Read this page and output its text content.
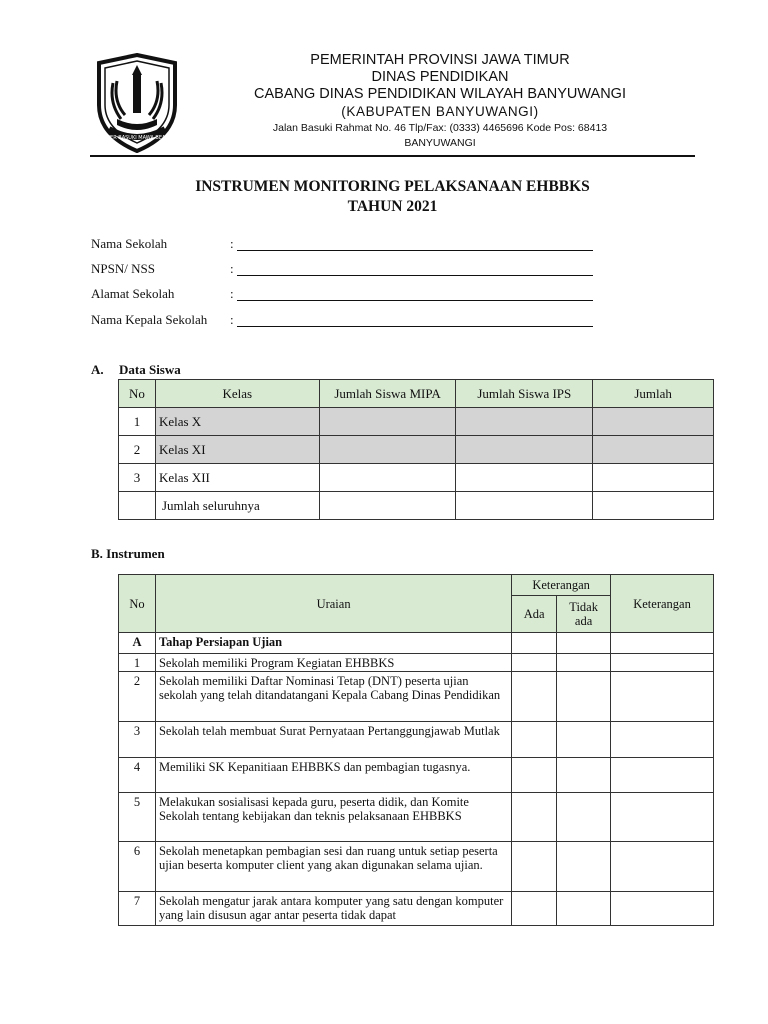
JER BASUKI MAWA BEA
PEMERINTAH PROVINSI JAWA TIMUR
DINAS PENDIDIKAN
CABANG DINAS PENDIDIKAN WILAYAH BANYUWANGI
(KABUPATEN BANYUWANGI)
Jalan Basuki Rahmat No. 46 Tlp/Fax: (0333) 4465696 Kode Pos: 68413
BANYUWANGI
INSTRUMEN MONITORING PELAKSANAAN EHBBKS
TAHUN 2021
Nama Sekolah	:
NPSN/ NSS	:
Alamat Sekolah	:
Nama Kepala Sekolah :
A. Data Siswa
No	Kelas	Jumlah Siswa MIPA	Jumlah Siswa IPS	Jumlah
1	Kelas X			
2	Kelas XI			
3	Kelas XII			
	Jumlah seluruhnya			
B. Instrumen
No	Uraian	Keterangan		Keterangan
		Ada	Tidak ada	
A	Tahap Persiapan Ujian			
1	Sekolah memiliki Program Kegiatan EHBBKS			
2	Sekolah memiliki Daftar Nominasi Tetap (DNT) peserta ujian sekolah yang telah ditandatangani Kepala Cabang Dinas Pendidikan			
3	Sekolah telah membuat Surat Pernyataan Pertanggungjawab Mutlak			
4	Memiliki SK Kepanitiaan EHBBKS dan pembagian tugasnya.			
5	Melakukan sosialisasi kepada guru, peserta didik, dan Komite Sekolah tentang kebijakan dan teknis pelaksanaan EHBBKS			
6	Sekolah menetapkan pembagian sesi dan ruang untuk setiap peserta ujian beserta komputer client yang akan digunakan selama ujian.			
7	Sekolah mengatur jarak antara komputer yang satu dengan komputer yang lain disusun agar antar peserta tidak dapat			
